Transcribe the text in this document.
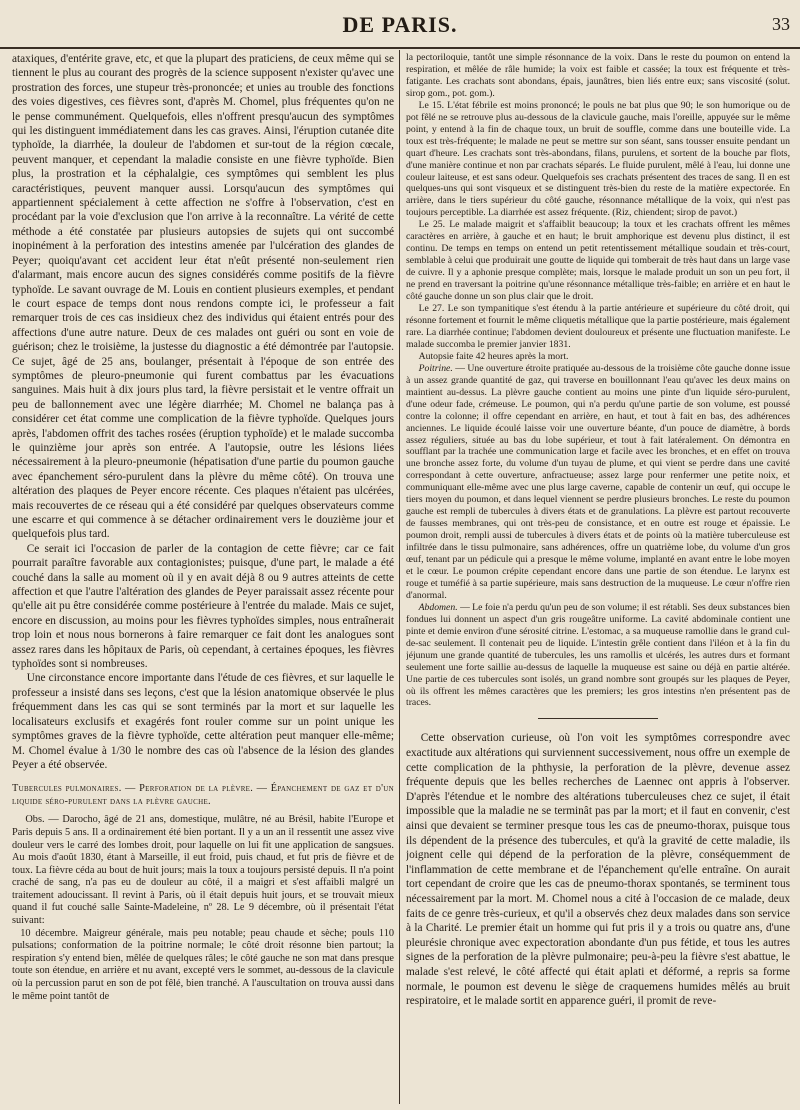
DE PARIS.	33

ataxiques, d'entérite grave, etc, et que la plupart des praticiens, de ceux même qui se tiennent le plus au courant des progrès de la science supposent n'exister qu'avec une prostration des forces, une stupeur très-prononcée; et unies au trouble des fonctions des voies digestives, ces fièvres sont, d'après M. Chomel, plus fréquentes qu'on ne le pense communément. Quelquefois, elles n'offrent presqu'aucun des symptômes qui les distinguent immédiatement dans les cas graves. Ainsi, l'éruption cutanée dite typhoïde, la diarrhée, la douleur de l'abdomen et sur-tout de la région cœcale, peuvent manquer, et cependant la maladie consiste en une fièvre typhoïde. Bien plus, la prostration et la céphalalgie, ces symptômes qui semblent les plus caractéristiques, peuvent manquer aussi. Lorsqu'aucun des symptômes qui appartiennent spécialement à cette affection ne s'offre à l'observation, c'est en procédant par la voie d'exclusion que l'on arrive à la reconnaître. La vérité de cette méthode a été constatée par plusieurs autopsies de sujets qui ont succombé inopinément à la perforation des intestins amenée par l'ulcération des glandes de Peyer; quoiqu'avant cet accident leur état n'eût présenté non-seulement rien d'alarmant, mais encore aucun des signes considérés comme positifs de la fièvre typhoïde. Le savant ouvrage de M. Louis en contient plusieurs exemples, et pendant le court espace de temps dont nous rendons compte ici, le professeur a fait remarquer trois de ces cas insidieux chez des individus qui étaient entrés pour des affections d'une autre nature. Deux de ces malades ont guéri ou sont en voie de guérison; chez le troisième, la justesse du diagnostic a été démontrée par l'autopsie. Ce sujet, âgé de 25 ans, boulanger, présentait à l'époque de son entrée des symptômes de pleuro-pneumonie qui furent combattus par les évacuations sanguines. Mais huit à dix jours plus tard, la fièvre persistait et le ventre offrait un peu de ballonnement avec une légère diarrhée; M. Chomel ne balança pas à considérer cet état comme une complication de la fièvre typhoïde. Quelques jours après, l'abdomen offrit des taches rosées (éruption typhoïde) et le malade succomba le quinzième jour après son entrée. A l'autopsie, outre les lésions liées nécessairement à la pleuro-pneumonie (hépatisation d'une partie du poumon gauche avec épanchement séro-purulent dans la plèvre du même côté). On trouva une altération des plaques de Peyer encore récente. Ces plaques n'étaient pas ulcérées, mais recouvertes de ce réseau qui a été considéré par quelques observateurs comme une escarre et qui commence à se détacher ordinairement vers le douzième jour et quelquefois plus tard.

Ce serait ici l'occasion de parler de la contagion de cette fièvre; car ce fait pourrait paraître favorable aux contagionistes; puisque, d'une part, le malade a été couché dans la salle au moment où il y en avait déjà 8 ou 9 autres atteints de cette affection et que l'autre l'altération des glandes de Peyer paraissait assez récente pour qu'elle ait pu être considérée comme postérieure à l'entrée du malade. Mais ce sujet, encore en discussion, au moins pour les fièvres typhoïdes simples, nous entraînerait trop loin et nous nous bornerons à faire remarquer ce fait dont les analogues sont assez rares dans les hôpitaux de Paris, où cependant, à certaines époques, les fièvres typhoïdes sont si nombreuses.

Une circonstance encore importante dans l'étude de ces fièvres, et sur laquelle le professeur a insisté dans ses leçons, c'est que la lésion anatomique observée le plus fréquemment dans les cas qui se sont terminés par la mort et sur laquelle les localisateurs exclusifs et exagérés font rouler comme sur un point unique les symptômes graves de la fièvre typhoïde, cette altération peut manquer elle-même; M. Chomel évalue à 1/30 le nombre des cas où l'absence de la lésion des glandes Peyer a été observée.

Tubercules pulmonaires. — Perforation de la plèvre. — Épanchement de gaz et d'un liquide séro-purulent dans la plèvre gauche.

Obs. — Darocho, âgé de 21 ans, domestique, mulâtre, né au Brésil, habite l'Europe et Paris depuis 5 ans. Il a ordinairement été bien portant. Il y a un an il ressentit une assez vive douleur vers le carré des lombes droit, pour laquelle on lui fit une application de sangsues. Au mois d'août 1830, étant à Marseille, il eut froid, puis chaud, et fut pris de fièvre et de toux. La fièvre céda au bout de huit jours; mais la toux a toujours persisté depuis. Il n'a point craché de sang, n'a pas eu de douleur au côté, il a maigri et s'est affaibli malgré un traitement adoucissant. Il revint à Paris, où il était depuis huit jours, et se trouvait mieux quand il fut couché salle Sainte-Madeleine, nº 28. Le 9 décembre, où il présentait l'état suivant:

10 décembre. Maigreur générale, mais peu notable; peau chaude et sèche; pouls 110 pulsations; conformation de la poitrine normale; le côté droit résonne bien partout; la respiration s'y entend bien, mêlée de quelques râles; le côté gauche ne son mat dans presque toute son étendue, en arrière et nu avant, excepté vers le sommet, au-dessous de la clavicule où la percussion parut en son de pot fêlé, bien tranché. A l'auscultation on trouva aussi dans le même point tantôt de

la pectoriloquie, tantôt une simple résonnance de la voix. Dans le reste du poumon on entend la respiration, et mêlée de râle humide; la voix est faible et cassée; la toux est fréquente et très-fatigante. Les crachats sont abondans, épais, jaunâtres, bien liés entre eux; sans viscosité (solut. sirop gom., pot. gom.).

Le 15. L'état fébrile est moins prononcé; le pouls ne bat plus que 90; le son humorique ou de pot fêlé ne se retrouve plus au-dessous de la clavicule gauche, mais l'oreille, appuyée sur le même point, y entend à la fin de chaque toux, un bruit de souffle, comme dans une bouteille vide. La toux est très-fréquente; le malade ne peut se mettre sur son séant, sans tousser ensuite pendant un quart d'heure. Les crachats sont très-abondans, filans, purulens, et sortent de la bouche par flots, d'une manière continue et non par crachats séparés. Le fluide purulent, mêlé à l'eau, lui donne une couleur laiteuse, et est sans odeur. Quelquefois ses crachats présentent des traces de sang. Il en est quelques-uns qui sont visqueux et se distinguent très-bien du reste de la matière expectorée. En arrière, dans le tiers supérieur du côté gauche, résonnance métallique de la voix, qui n'est pas toujours perceptible. La diarrhée est assez fréquente. (Riz, chiendent; sirop de pavot.)

Le 25. Le malade maigrit et s'affaiblit beaucoup; la toux et les crachats offrent les mêmes caractères en arrière, à gauche et en haut; le bruit amphorique est devenu plus distinct, il est continu. De temps en temps on entend un petit retentissement métallique soudain et très-court, semblable à celui que produirait une goutte de liquide qui tomberait de très haut dans un large vase de cuivre. Il y a aphonie presque complète; mais, lorsque le malade produit un son un peu fort, il ne prend en traversant la poitrine qu'une résonnance métallique très-faible; en arrière et en haut le côté gauche donne un son plus clair que le droit.

Le 27. Le son tympanitique s'est étendu à la partie antérieure et supérieure du côté droit, qui résonne fortement et fournit le même cliquetis métallique que la partie postérieure, mais également rare. La diarrhée continue; l'abdomen devient douloureux et présente une fluctuation manifeste. Le malade succomba le premier janvier 1831.

Autopsie faite 42 heures après la mort.

Poitrine. — Une ouverture étroite pratiquée au-dessous de la troisième côte gauche donne issue à un assez grande quantité de gaz, qui traverse en bouillonnant l'eau qu'avec les deux mains on maintient au-dessus. La plèvre gauche contient au moins une pinte d'un liquide séro-purulent, d'une odeur fade, crémeuse. Le poumon, qui n'a perdu qu'une partie de son volume, est poussé contre la colonne; il offre cependant en arrière, en haut, et tout à fait en bas, des adhérences anciennes. Le liquide écoulé laisse voir une ouverture béante, d'un pouce de diamètre, à bords assez réguliers, située au bas du lobe supérieur, et tout à fait latéralement. On démontra en soufflant par la trachée une communication large et facile avec les bronches, et en effet on trouva une bronche assez forte, du volume d'un tuyau de plume, et qui vient se perdre dans une cavité correspondant à cette ouverture, anfractueuse; assez large pour renfermer une petite noix, et communiquant elle-même avec une plus large caverne, capable de contenir un œuf, qui occupe le tiers moyen du poumon, et dans lequel viennent se perdre plusieurs bronches. Le reste du poumon gauche est rempli de tubercules à divers états et de granulations. La plèvre est partout recouverte de fausses membranes, qui ont très-peu de consistance, et en outre est rouge et épaissie. Le poumon droit, rempli aussi de tubercules à divers états et de points où la matière tuberculeuse est infiltrée dans le tissu pulmonaire, sans adhérences, offre un quatrième lobe, du volume d'un gros œuf, tenant par un pédicule qui a presque le même volume, implanté en avant entre le lobe moyen et le cœur. Le poumon crépite cependant encore dans une partie de son étendue. Le larynx est rouge et tuméfié à sa partie supérieure, mais sans destruction de la muqueuse. Le cœur n'offre rien d'anormal.

Abdomen. — Le foie n'a perdu qu'un peu de son volume; il est rétabli. Ses deux substances bien fondues lui donnent un aspect d'un gris rougeâtre uniforme. La cavité abdominale contient une pinte et demie environ d'une sérosité citrine. L'estomac, a sa muqueuse ramollie dans le grand cul-de-sac seulement. Il contenait peu de liquide. L'intestin grêle contient dans l'iléon et à la fin du jéjunum une grande quantité de tubercules, les uns ramollis et ulcérés, les autres durs et formant seulement une forte saillie au-dessus de laquelle la muqueuse est saine ou déjà en partie altérée. Une partie de ces tubercules sont isolés, un grand nombre sont groupés sur les plaques de Peyer, où ils offrent les mêmes caractères que les premiers; les gros intestins n'en présentent pas de traces.

Cette observation curieuse, où l'on voit les symptômes correspondre avec exactitude aux altérations qui surviennent successivement, nous offre un exemple de cette complication de la phthysie, la perforation de la plèvre, devenue assez fréquente depuis que les belles recherches de Laennec ont appris à l'observer. D'après l'étendue et le nombre des altérations tuberculeuses chez ce sujet, il était impossible que la maladie ne se terminât pas par la mort; et il faut en convenir, c'est ainsi que devaient se terminer presque tous les cas de pneumo-thorax, puisque tous ils dépendent de la présence des tubercules, et qu'à la gravité de cette maladie, ils joignent celle qui dépend de la perforation de la plèvre, conséquemment de l'inflammation de cette membrane et de l'épanchement qu'elle entraîne. On aurait tort cependant de croire que les cas de pneumo-thorax spontanés, se terminent tous nécessairement par la mort. M. Chomel nous a cité à l'occasion de ce malade, deux faits de ce genre très-curieux, et qu'il a observés chez deux malades dans son service à la Charité. Le premier était un homme qui fut pris il y a trois ou quatre ans, d'une pleurésie chronique avec expectoration abondante d'un pus fétide, et tous les autres signes de la perforation de la plèvre pulmonaire; peu-à-peu la fièvre s'est abattue, le malade s'est relevé, le côté affecté qui était aplati et déformé, a repris sa forme normale, le poumon est devenu le siège de craquemens humides mêlés au bruit respiratoire, et le malade sortit en apparence guéri, il promit de reve-
